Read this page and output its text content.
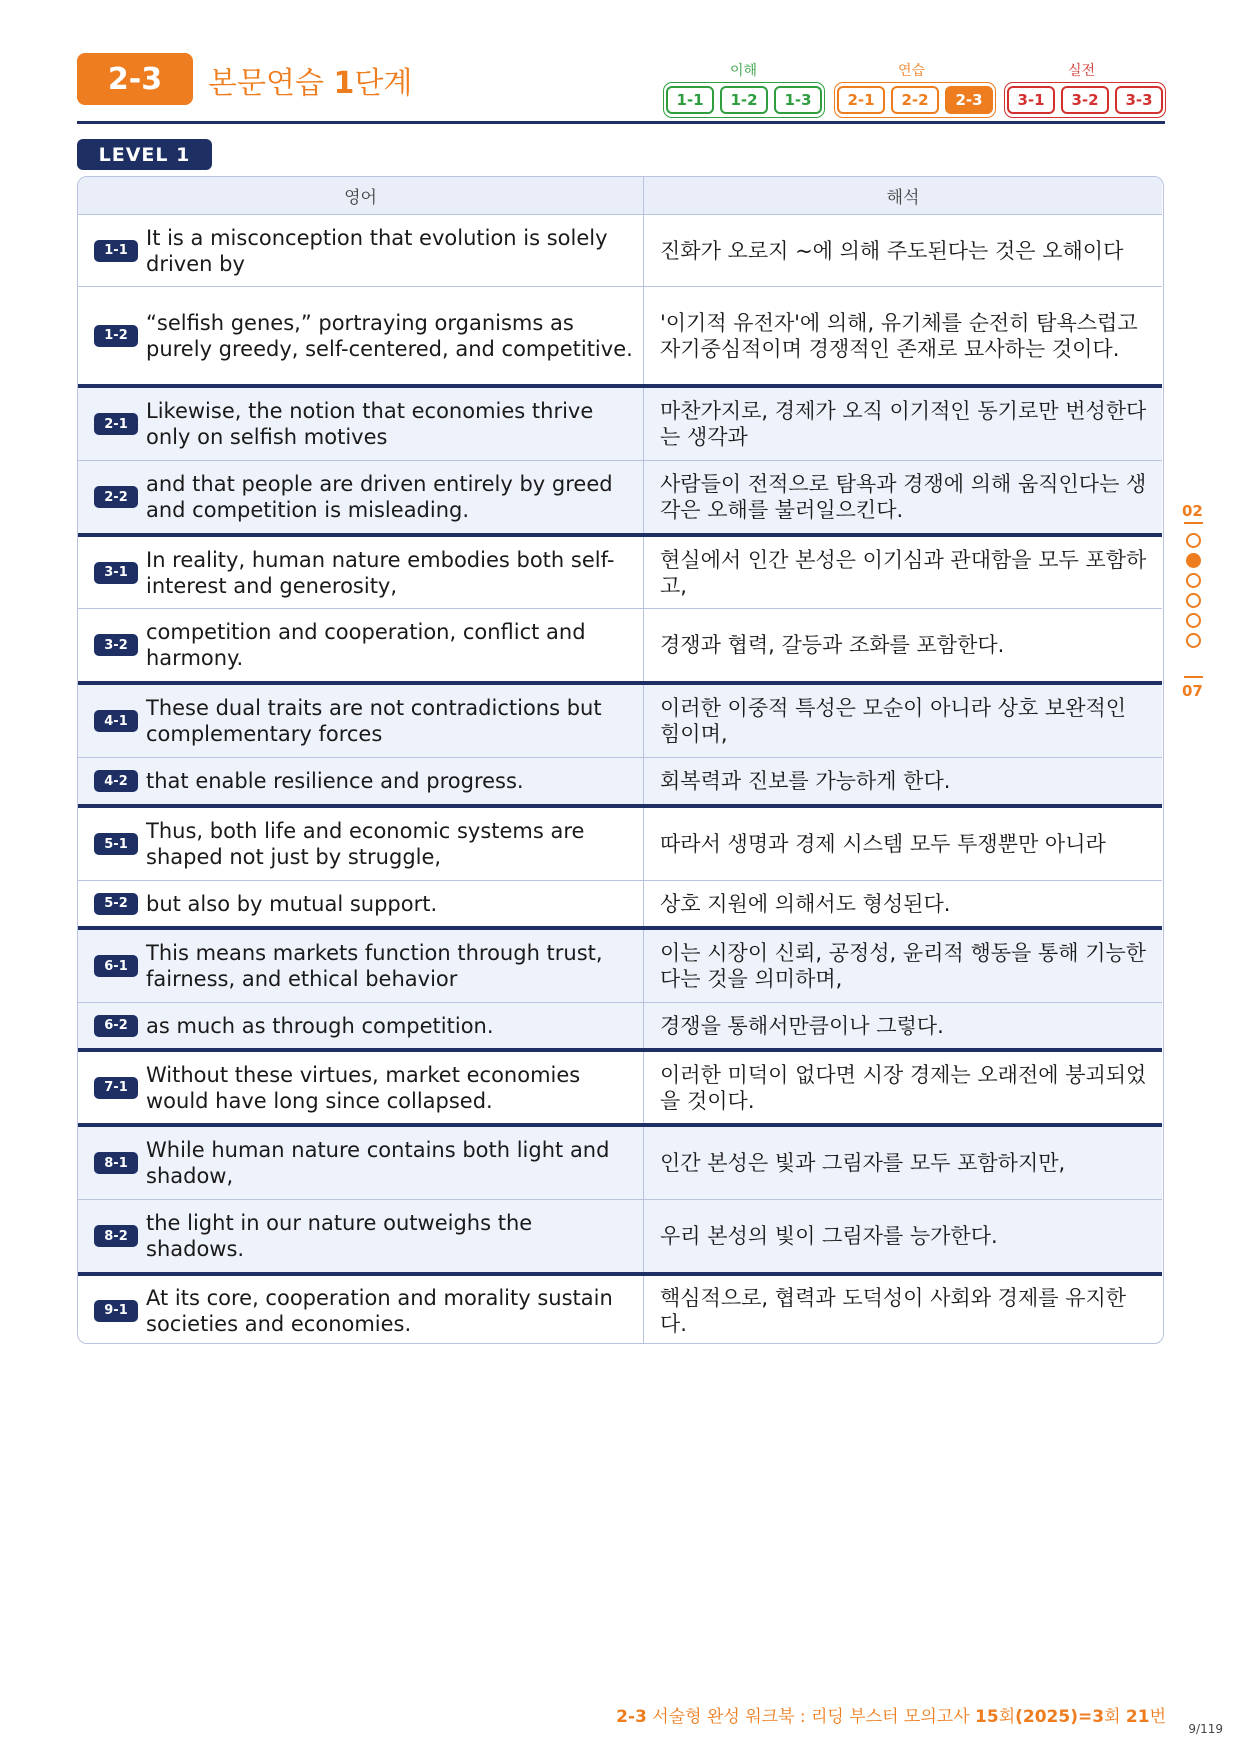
2-3	본문연습 1단계	이해	연습	실전
1-1	1-2	1-3	2-1	2-2	2-3	3-1	3-2	3-3
LEVEL 1
영어	해석
1-1
It is a misconception that evolution is solely driven by
진화가 오로지 ~에 의해 주도된다는 것은 오해이다
1-2
“selfish genes,” portraying organisms as purely greedy, self-centered, and competitive.
'이기적 유전자'에 의해, 유기체를 순전히 탐욕스럽고 자기중심적이며 경쟁적인 존재로 묘사하는 것이다.
2-1
Likewise, the notion that economies thrive only on selfish motives
마찬가지로, 경제가 오직 이기적인 동기로만 번성한다는 생각과
2-2
and that people are driven entirely by greed and competition is misleading.
사람들이 전적으로 탐욕과 경쟁에 의해 움직인다는 생각은 오해를 불러일으킨다.
3-1
In reality, human nature embodies both self-interest and generosity,
현실에서 인간 본성은 이기심과 관대함을 모두 포함하고,
3-2
competition and cooperation, conflict and harmony.
경쟁과 협력, 갈등과 조화를 포함한다.
4-1
These dual traits are not contradictions but complementary forces
이러한 이중적 특성은 모순이 아니라 상호 보완적인 힘이며,
4-2 that enable resilience and progress.	회복력과 진보를 가능하게 한다.
5-1
Thus, both life and economic systems are shaped not just by struggle,
따라서 생명과 경제 시스템 모두 투쟁뿐만 아니라
5-2 but also by mutual support.	상호 지원에 의해서도 형성된다.
6-1
This means markets function through trust, fairness, and ethical behavior
이는 시장이 신뢰, 공정성, 윤리적 행동을 통해 기능한다는 것을 의미하며,
6-2 as much as through competition.	경쟁을 통해서만큼이나 그렇다.
7-1
Without these virtues, market economies would have long since collapsed.
이러한 미덕이 없다면 시장 경제는 오래전에 붕괴되었을 것이다.
8-1
While human nature contains both light and shadow,
인간 본성은 빛과 그림자를 모두 포함하지만,
8-2
the light in our nature outweighs the shadows.
우리 본성의 빛이 그림자를 능가한다.
9-1
At its core, cooperation and morality sustain societies and economies.
핵심적으로, 협력과 도덕성이 사회와 경제를 유지한다.
02
07
2-3 서술형 완성 워크북 : 리딩 부스터 모의고사 15회(2025)=3회 21번
9/119
